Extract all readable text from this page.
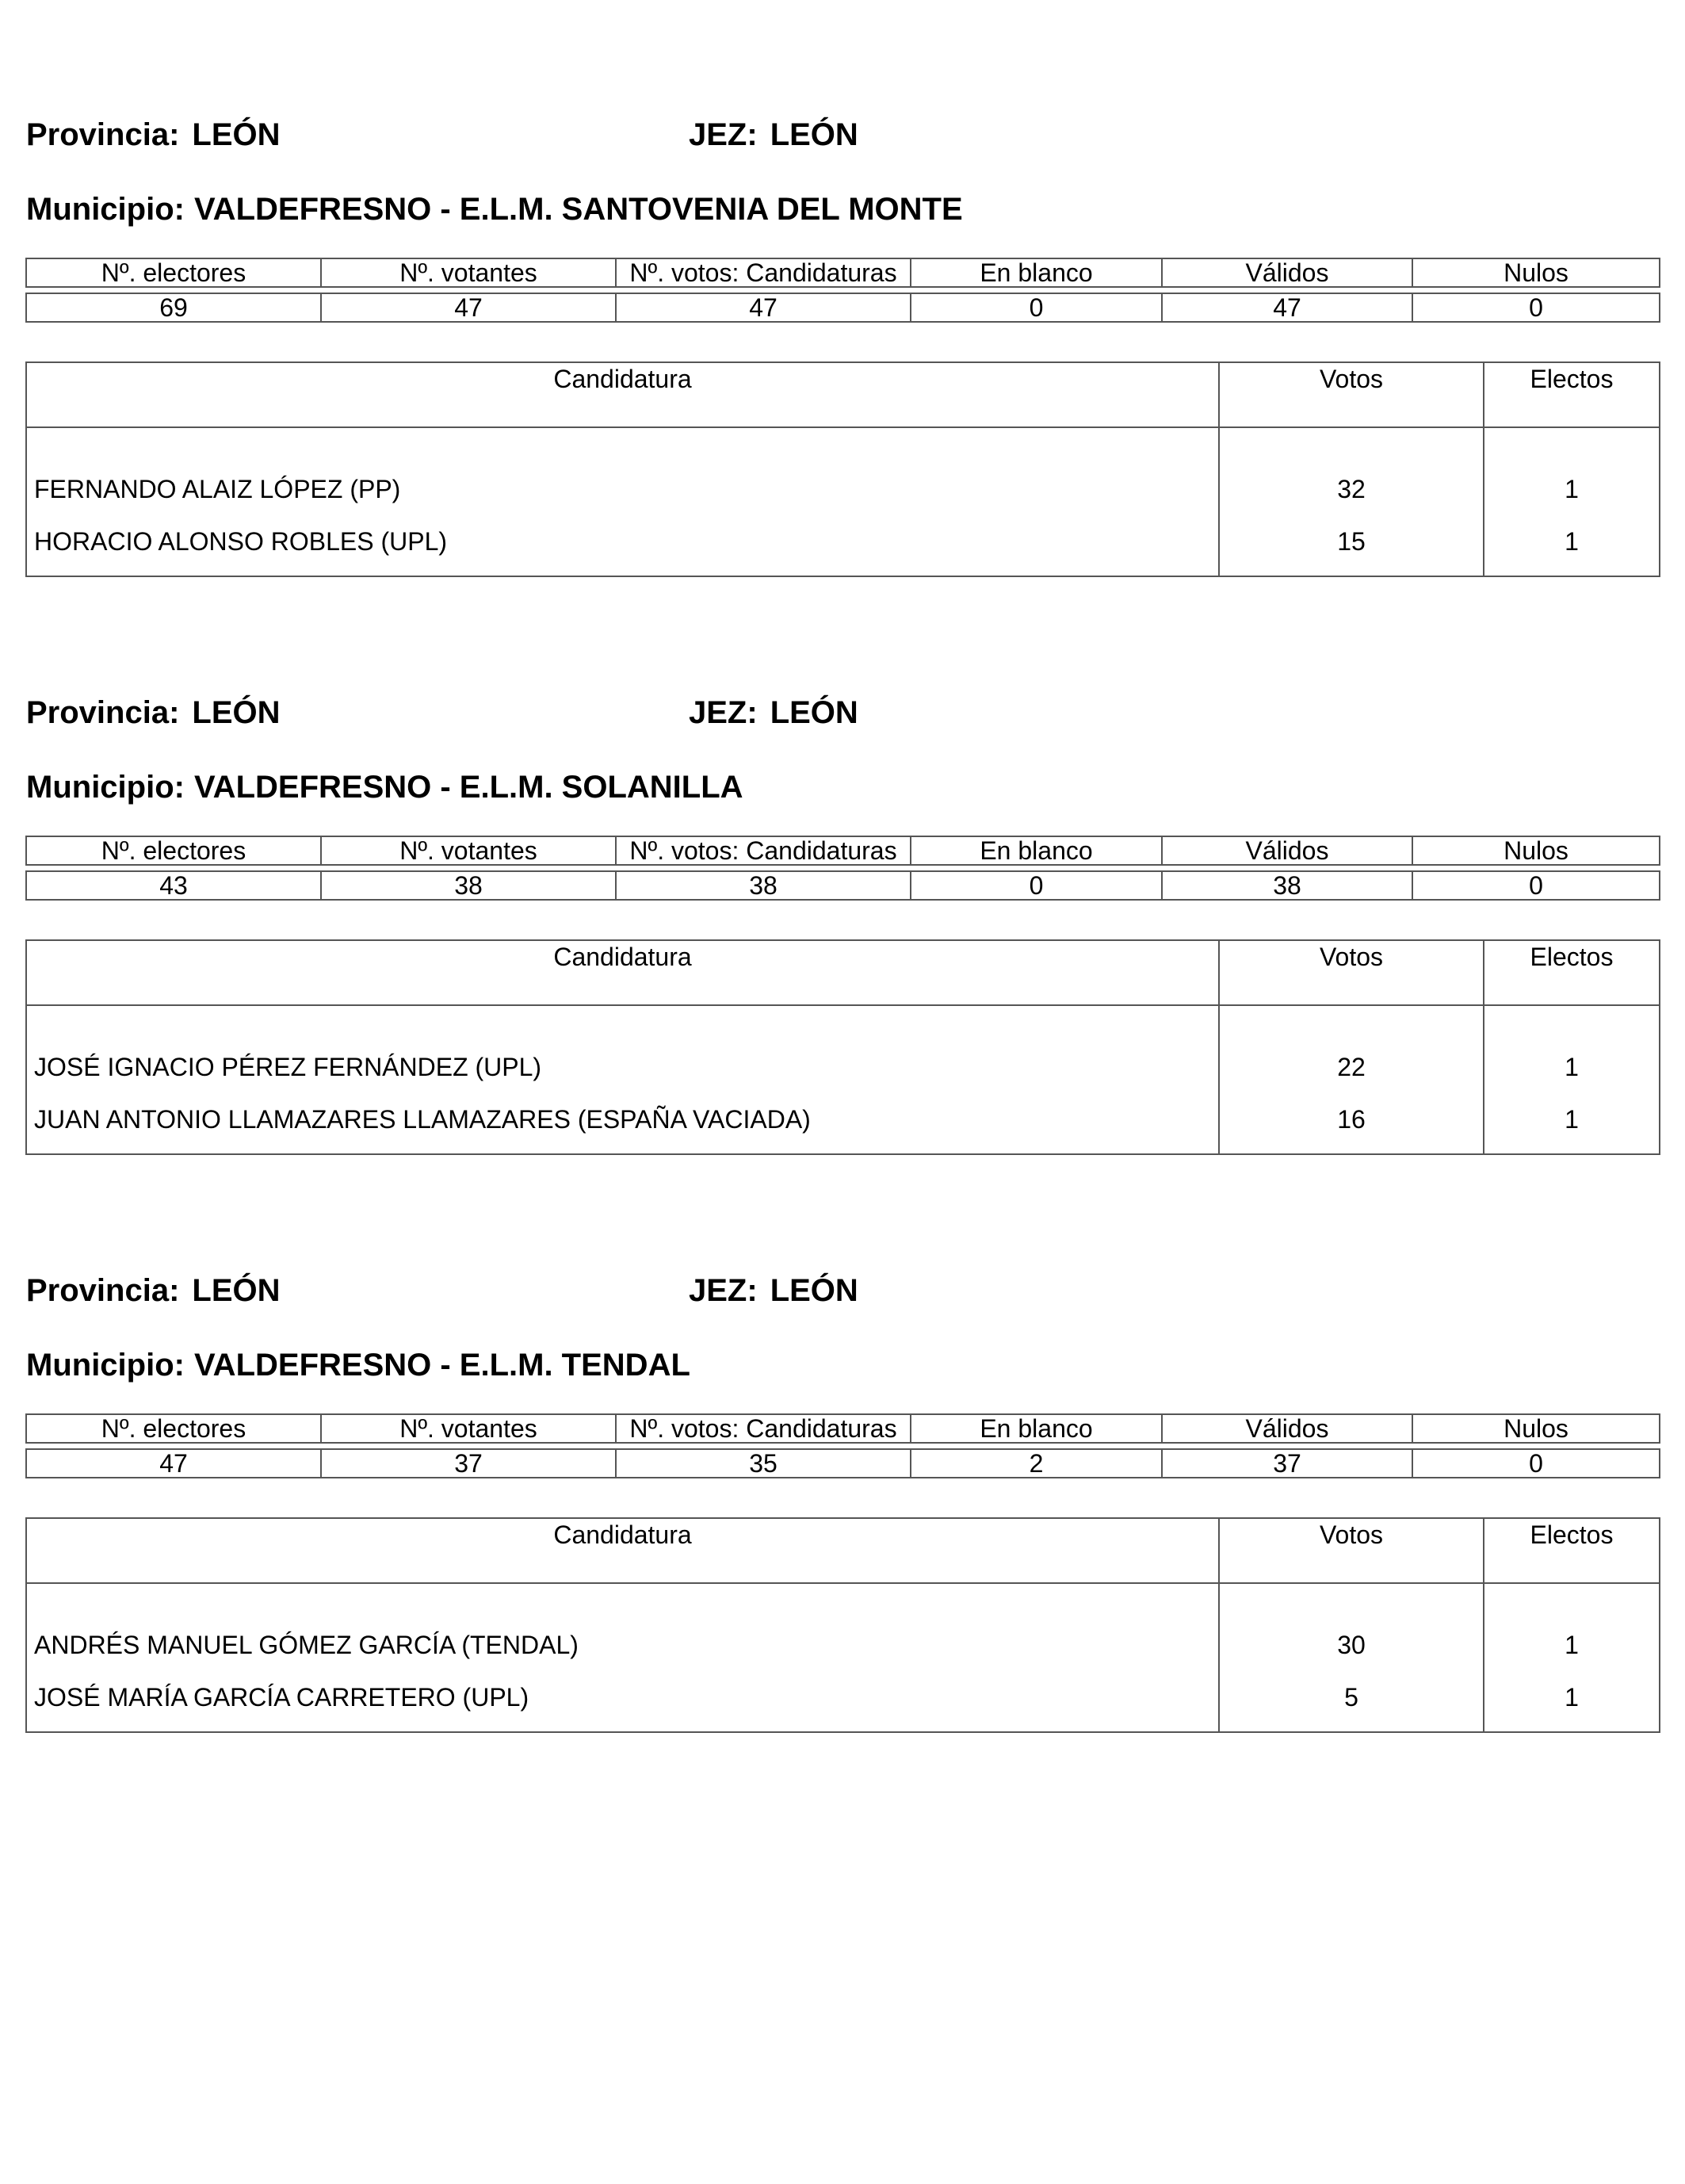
Provincia: LEÓN	JEZ: LEÓN
Municipio: VALDEFRESNO - E.L.M. SANTOVENIA DEL MONTE
Nº. electores	Nº. votantes	Nº. votos: Candidaturas	En blanco	Válidos	Nulos

69	47	47	0	47	0
Candidatura	Votos	Electos
FERNANDO ALAIZ LÓPEZ (PP)	32	1
HORACIO ALONSO ROBLES (UPL)	15	1
Provincia: LEÓN	JEZ: LEÓN
Municipio: VALDEFRESNO - E.L.M. SOLANILLA
Nº. electores	Nº. votantes	Nº. votos: Candidaturas	En blanco	Válidos	Nulos

43	38	38	0	38	0
Candidatura	Votos	Electos
JOSÉ IGNACIO PÉREZ FERNÁNDEZ (UPL)	22	1
JUAN ANTONIO LLAMAZARES LLAMAZARES (ESPAÑA VACIADA)	16	1
Provincia: LEÓN	JEZ: LEÓN
Municipio: VALDEFRESNO - E.L.M. TENDAL
Nº. electores	Nº. votantes	Nº. votos: Candidaturas	En blanco	Válidos	Nulos

47	37	35	2	37	0
Candidatura	Votos	Electos
ANDRÉS MANUEL GÓMEZ GARCÍA (TENDAL)	30	1
JOSÉ MARÍA GARCÍA CARRETERO (UPL)	5	1
